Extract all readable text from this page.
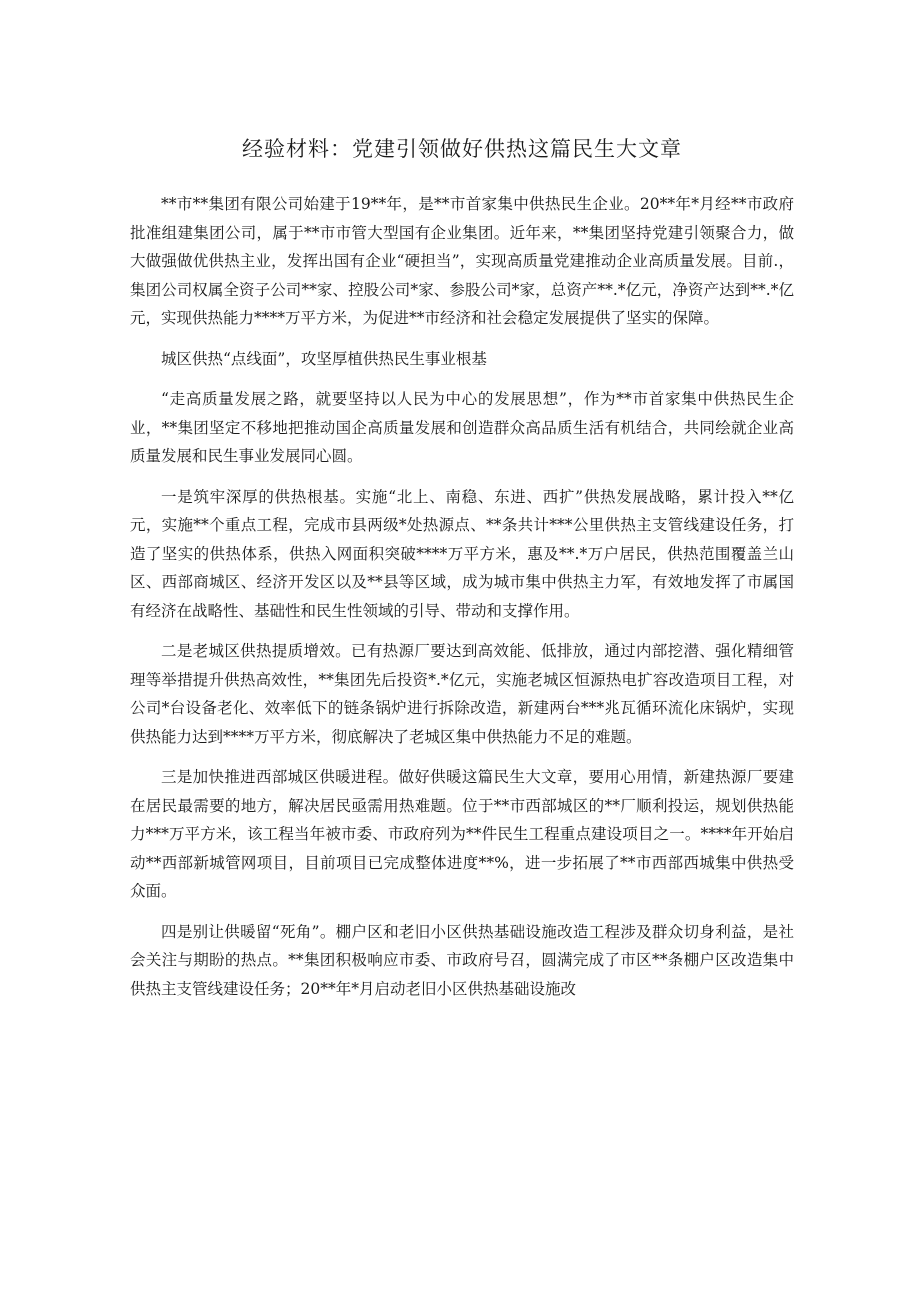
经验材料：党建引领做好供热这篇民生大文章

**市**集团有限公司始建于19**年，是**市首家集中供热民生企业。20**年*月经**市政府批准组建集团公司，属于**市市管大型国有企业集团。近年来，**集团坚持党建引领聚合力，做大做强做优供热主业，发挥出国有企业“硬担当”，实现高质量党建推动企业高质量发展。目前.，集团公司权属全资子公司**家、控股公司*家、参股公司*家，总资产**.*亿元，净资产达到**.*亿元，实现供热能力****万平方米，为促进**市经济和社会稳定发展提供了坚实的保障。

城区供热“点线面”，攻坚厚植供热民生事业根基

“走高质量发展之路，就要坚持以人民为中心的发展思想”，作为**市首家集中供热民生企业，**集团坚定不移地把推动国企高质量发展和创造群众高品质生活有机结合，共同绘就企业高质量发展和民生事业发展同心圆。

一是筑牢深厚的供热根基。实施“北上、南稳、东进、西扩”供热发展战略，累计投入**亿元，实施**个重点工程，完成市县两级*处热源点、**条共计***公里供热主支管线建设任务，打造了坚实的供热体系，供热入网面积突破****万平方米，惠及**.*万户居民，供热范围覆盖兰山区、西部商城区、经济开发区以及**县等区域，成为城市集中供热主力军，有效地发挥了市属国有经济在战略性、基础性和民生性领域的引导、带动和支撑作用。

二是老城区供热提质增效。已有热源厂要达到高效能、低排放，通过内部挖潜、强化精细管理等举措提升供热高效性，**集团先后投资*.*亿元，实施老城区恒源热电扩容改造项目工程，对公司*台设备老化、效率低下的链条锅炉进行拆除改造，新建两台***兆瓦循环流化床锅炉，实现供热能力达到****万平方米，彻底解决了老城区集中供热能力不足的难题。

三是加快推进西部城区供暖进程。做好供暖这篇民生大文章，要用心用情，新建热源厂要建在居民最需要的地方，解决居民亟需用热难题。位于**市西部城区的**厂顺利投运，规划供热能力***万平方米，该工程当年被市委、市政府列为**件民生工程重点建设项目之一。****年开始启动**西部新城管网项目，目前项目已完成整体进度**%，进一步拓展了**市西部西城集中供热受众面。

四是别让供暖留“死角”。棚户区和老旧小区供热基础设施改造工程涉及群众切身利益，是社会关注与期盼的热点。**集团积极响应市委、市政府号召，圆满完成了市区**条棚户区改造集中供热主支管线建设任务；20**年*月启动老旧小区供热基础设施改
